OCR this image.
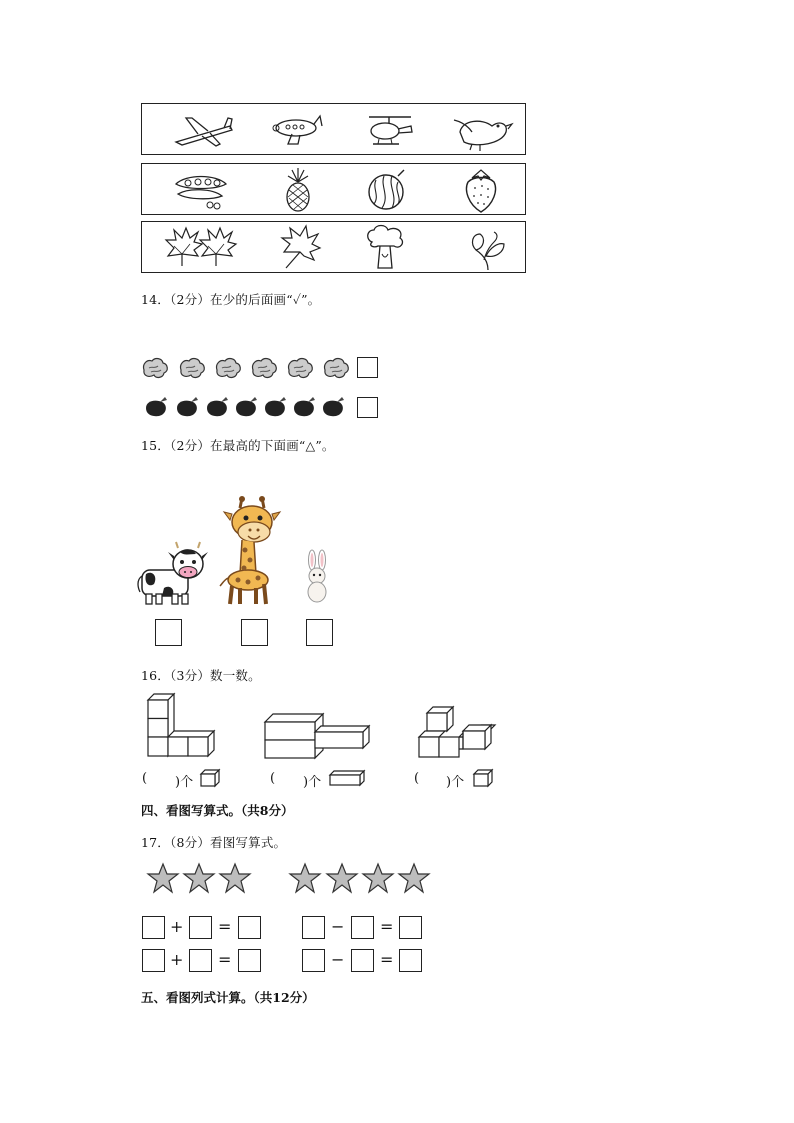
14．（2分）在少的后面画“✓”。
15．（2分）在最高的下面画“△”。
16．（3分）数一数。
( )个	( )个	( )个
四、看图写算式。（共8分）
17．（8分）看图写算式。
+ =	− =
+ =	− =
五、看图列式计算。（共12分）
